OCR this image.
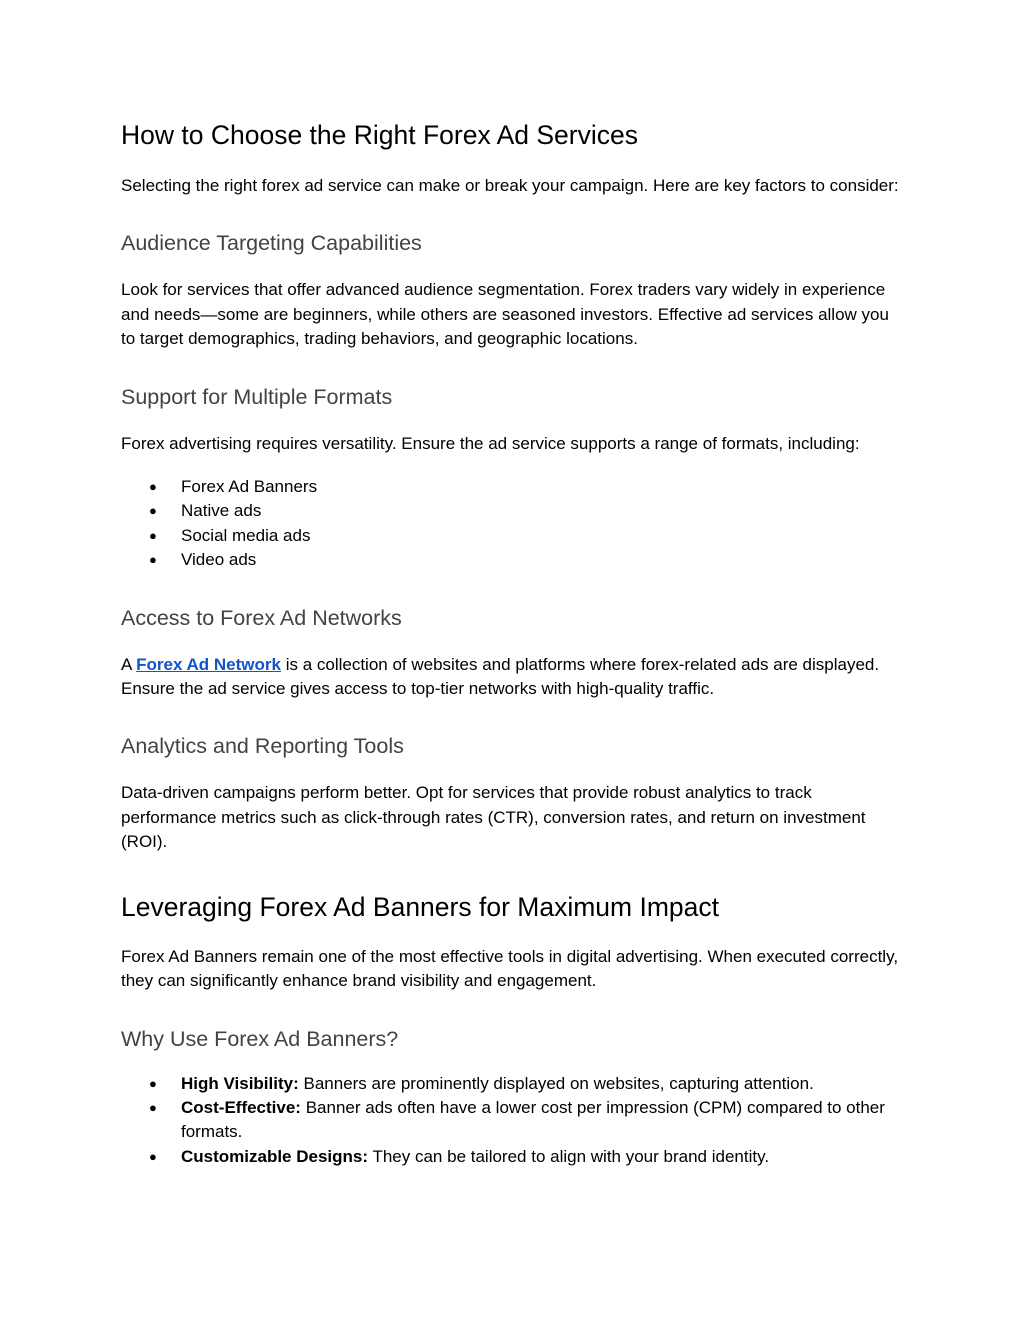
How to Choose the Right Forex Ad Services

Selecting the right forex ad service can make or break your campaign. Here are key factors to consider:

Audience Targeting Capabilities

Look for services that offer advanced audience segmentation. Forex traders vary widely in experience and needs—some are beginners, while others are seasoned investors. Effective ad services allow you to target demographics, trading behaviors, and geographic locations.

Support for Multiple Formats

Forex advertising requires versatility. Ensure the ad service supports a range of formats, including:

● Forex Ad Banners
● Native ads
● Social media ads
● Video ads
Access to Forex Ad Networks

A Forex Ad Network is a collection of websites and platforms where forex-related ads are displayed. Ensure the ad service gives access to top-tier networks with high-quality traffic.

Analytics and Reporting Tools

Data-driven campaigns perform better. Opt for services that provide robust analytics to track performance metrics such as click-through rates (CTR), conversion rates, and return on investment (ROI).

Leveraging Forex Ad Banners for Maximum Impact

Forex Ad Banners remain one of the most effective tools in digital advertising. When executed correctly, they can significantly enhance brand visibility and engagement.

Why Use Forex Ad Banners?
● High Visibility: Banners are prominently displayed on websites, capturing attention.
● Cost-Effective: Banner ads often have a lower cost per impression (CPM) compared to other formats.
● Customizable Designs: They can be tailored to align with your brand identity.
